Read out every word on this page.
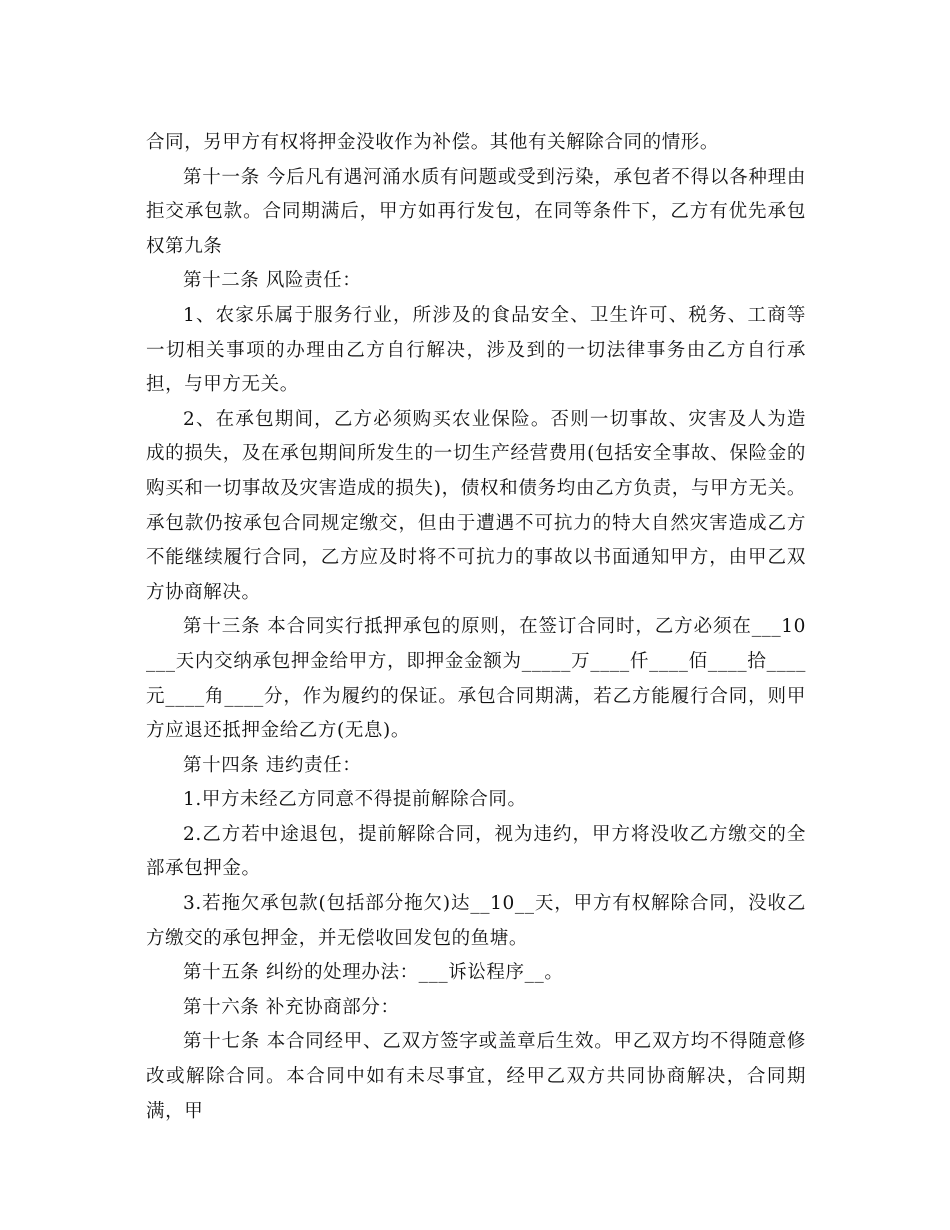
合同，另甲方有权将押金没收作为补偿。其他有关解除合同的情形。

第十一条 今后凡有遇河涌水质有问题或受到污染，承包者不得以各种理由拒交承包款。合同期满后，甲方如再行发包，在同等条件下，乙方有优先承包权第九条

第十二条 风险责任：

1、农家乐属于服务行业，所涉及的食品安全、卫生许可、税务、工商等一切相关事项的办理由乙方自行解决，涉及到的一切法律事务由乙方自行承担，与甲方无关。

2、在承包期间，乙方必须购买农业保险。否则一切事故、灾害及人为造成的损失，及在承包期间所发生的一切生产经营费用(包括安全事故、保险金的购买和一切事故及灾害造成的损失)，债权和债务均由乙方负责，与甲方无关。承包款仍按承包合同规定缴交，但由于遭遇不可抗力的特大自然灾害造成乙方不能继续履行合同，乙方应及时将不可抗力的事故以书面通知甲方，由甲乙双方协商解决。

第十三条 本合同实行抵押承包的原则，在签订合同时，乙方必须在___10___天内交纳承包押金给甲方，即押金金额为_____万____仟____佰____拾____元____角____分，作为履约的保证。承包合同期满，若乙方能履行合同，则甲方应退还抵押金给乙方(无息)。

第十四条 违约责任：

1.甲方未经乙方同意不得提前解除合同。

2.乙方若中途退包，提前解除合同，视为违约，甲方将没收乙方缴交的全部承包押金。

3.若拖欠承包款(包括部分拖欠)达__10__天，甲方有权解除合同，没收乙方缴交的承包押金，并无偿收回发包的鱼塘。

第十五条 纠纷的处理办法：___诉讼程序__。

第十六条 补充协商部分：

第十七条 本合同经甲、乙双方签字或盖章后生效。甲乙双方均不得随意修改或解除合同。本合同中如有未尽事宜，经甲乙双方共同协商解决，合同期满，甲
